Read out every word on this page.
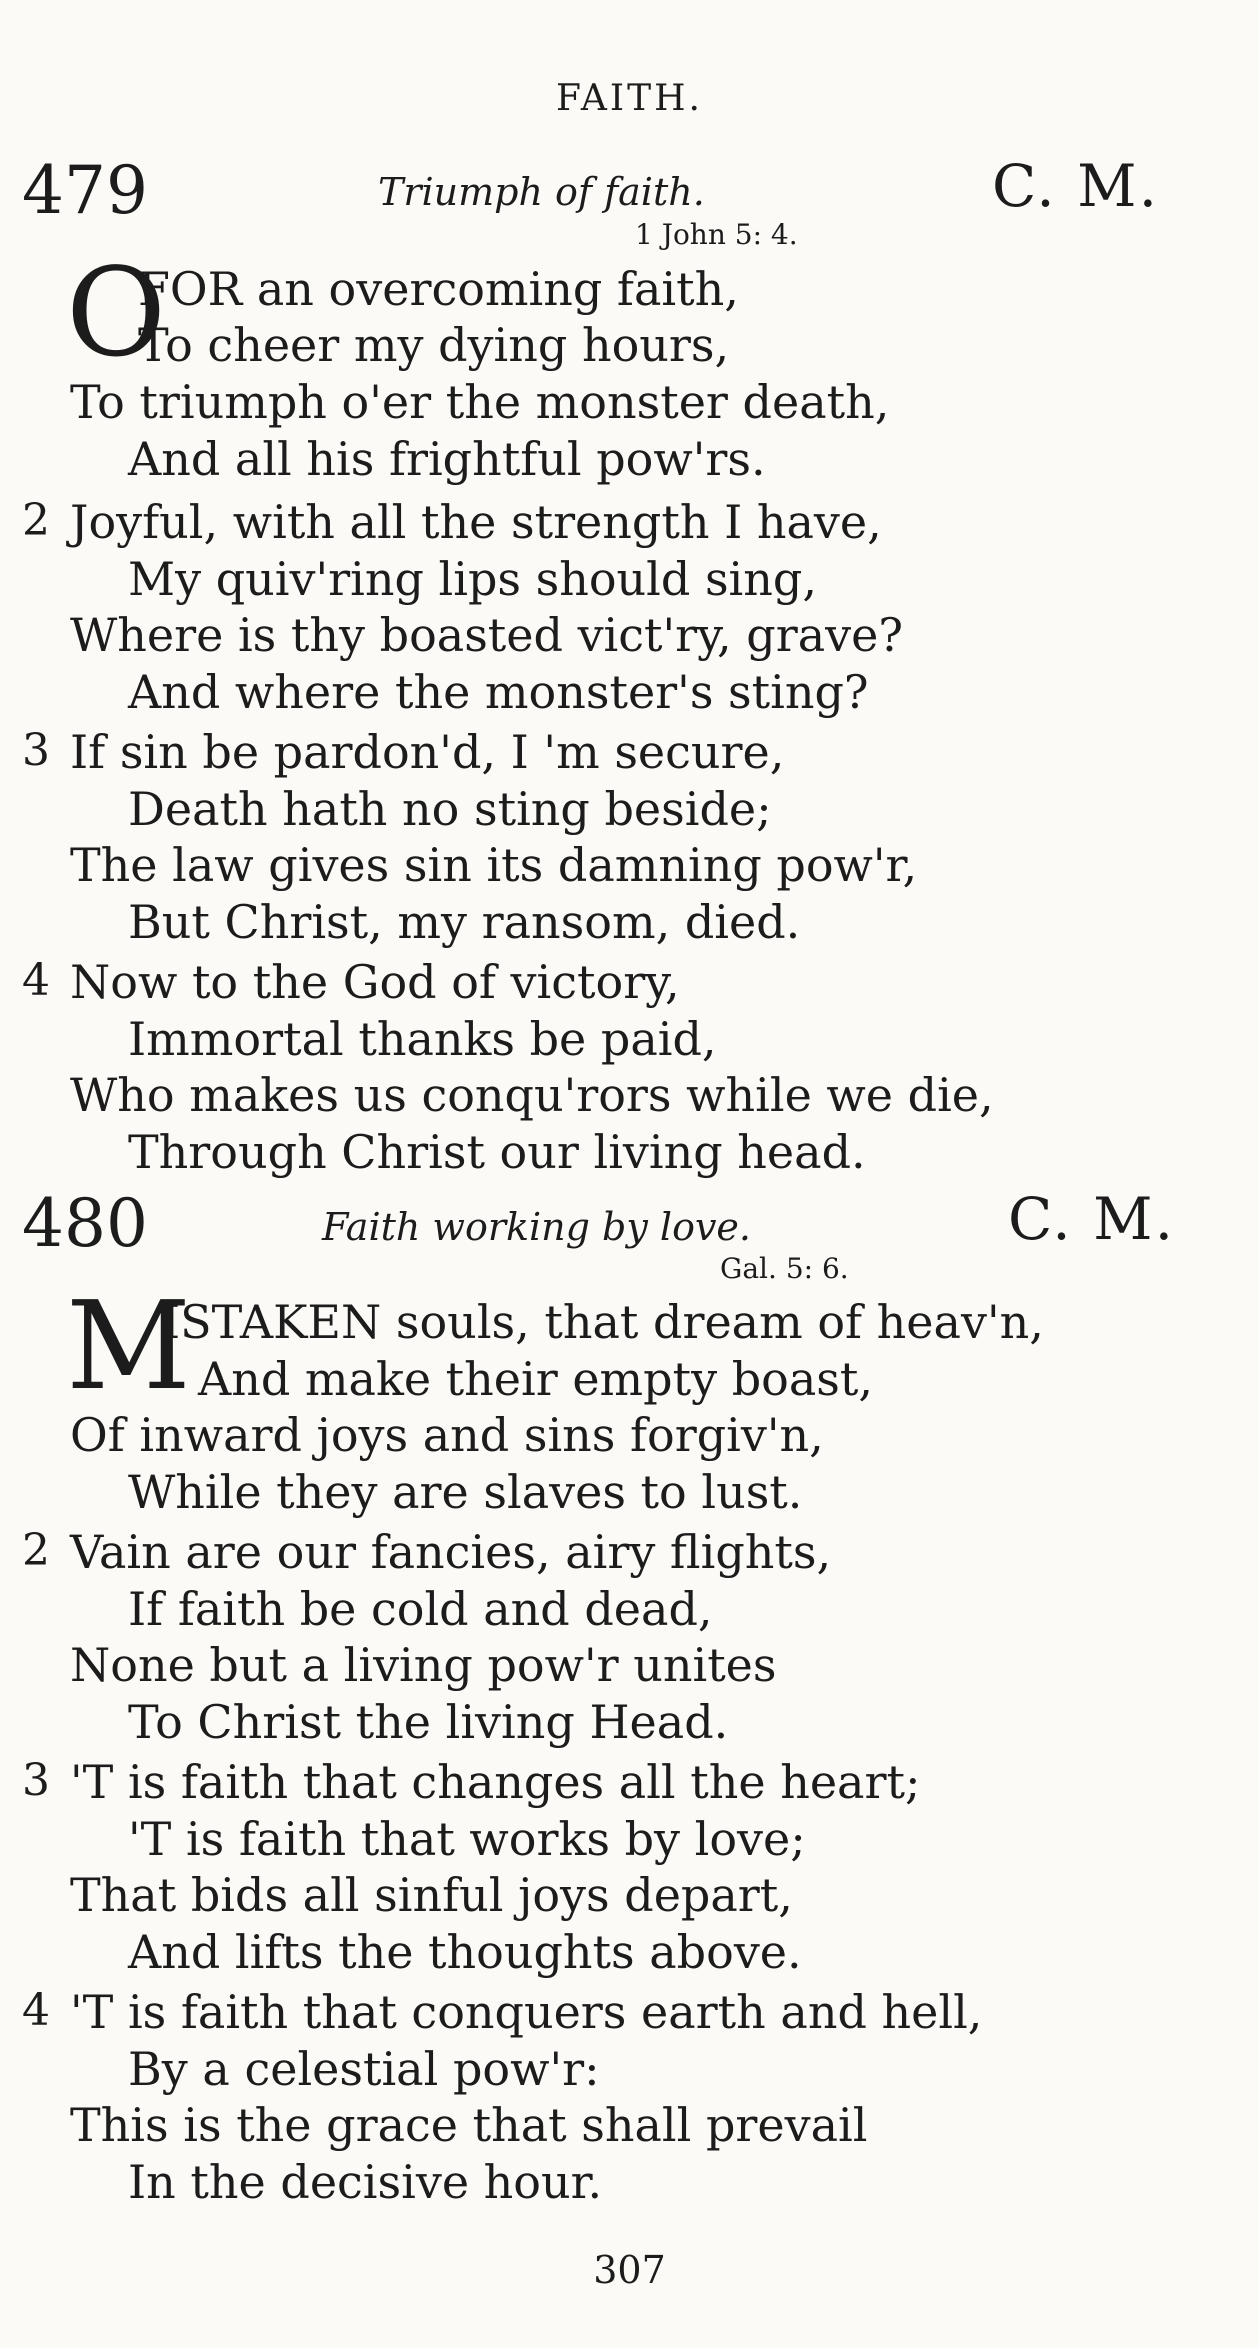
FAITH.
479	Triumph of faith.	C. M.
1 John 5: 4.
O
FOR an overcoming faith,
To cheer my dying hours,
To triumph o'er the monster death,
And all his frightful pow'rs.
2 Joyful, with all the strength I have,
My quiv'ring lips should sing,
Where is thy boasted vict'ry, grave?
And where the monster's sting?
3 If sin be pardon'd, I 'm secure,
Death hath no sting beside;
The law gives sin its damning pow'r,
But Christ, my ransom, died.
4 Now to the God of victory,
Immortal thanks be paid,
Who makes us conqu'rors while we die,
Through Christ our living head.
480	Faith working by love.	C. M.
Gal. 5: 6.
M
ISTAKEN souls, that dream of heav'n,
And make their empty boast,
Of inward joys and sins forgiv'n,
While they are slaves to lust.
2 Vain are our fancies, airy flights,
If faith be cold and dead,
None but a living pow'r unites
To Christ the living Head.
3 'T is faith that changes all the heart;
'T is faith that works by love;
That bids all sinful joys depart,
And lifts the thoughts above.
4 'T is faith that conquers earth and hell,
By a celestial pow'r:
This is the grace that shall prevail
In the decisive hour.
307
